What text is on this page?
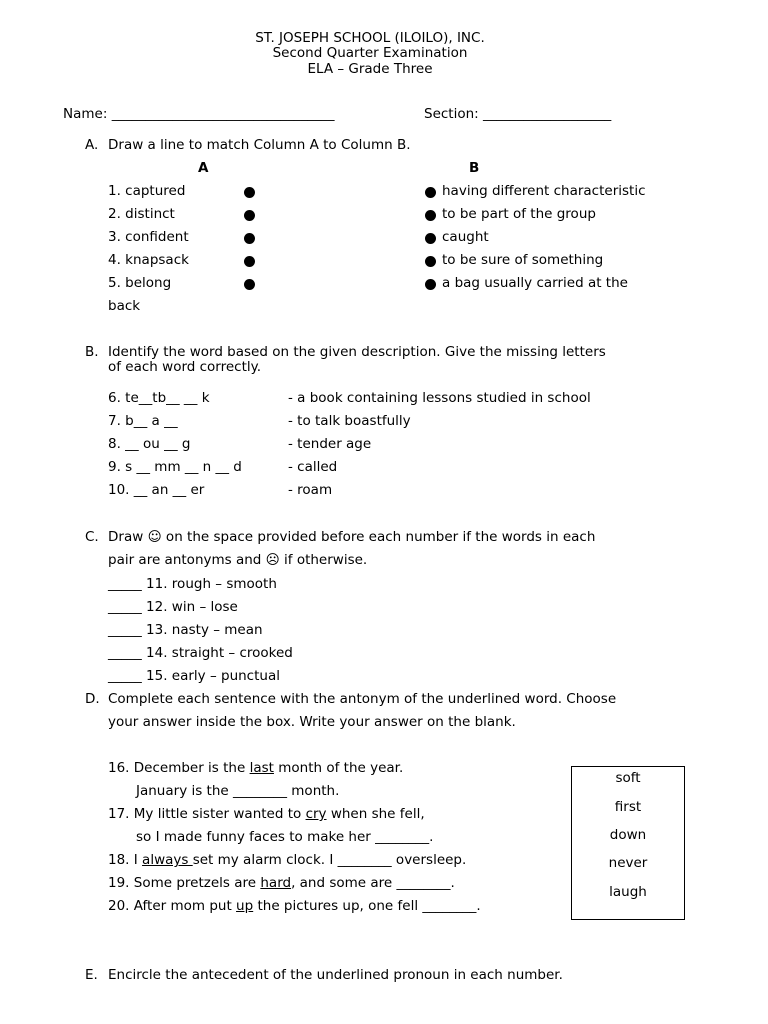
ST. JOSEPH SCHOOL (ILOILO), INC.
Second Quarter Examination
ELA – Grade Three
Name: _________________________________	Section: ___________________
A. Draw a line to match Column A to Column B.
A	B
1. captured
2. distinct
3. confident
4. knapsack
5. belong
having different characteristic
to be part of the group
caught
to be sure of something
a bag usually carried at the
back
B. Identify the word based on the given description. Give the missing letters
of each word correctly.
6. te__tb__ __ k
7. b__ a __
8. __ ou __ g
9. s __ mm __ n __ d
10. __ an __ er
- a book containing lessons studied in school
- to talk boastfully
- tender age
- called
- roam
C. Draw ☺ on the space provided before each number if the words in each
pair are antonyms and ☹ if otherwise.
_____ 11. rough – smooth
_____ 12. win – lose
_____ 13. nasty – mean
_____ 14. straight – crooked
_____ 15. early – punctual
D. Complete each sentence with the antonym of the underlined word. Choose
your answer inside the box. Write your answer on the blank.
16. December is the last month of the year.
January is the ________ month.
17. My little sister wanted to cry when she fell,
so I made funny faces to make her ________.
18. I always set my alarm clock. I ________ oversleep.
19. Some pretzels are hard, and some are ________.
20. After mom put up the pictures up, one fell ________.
soft
first
down
never
laugh
E. Encircle the antecedent of the underlined pronoun in each number.
